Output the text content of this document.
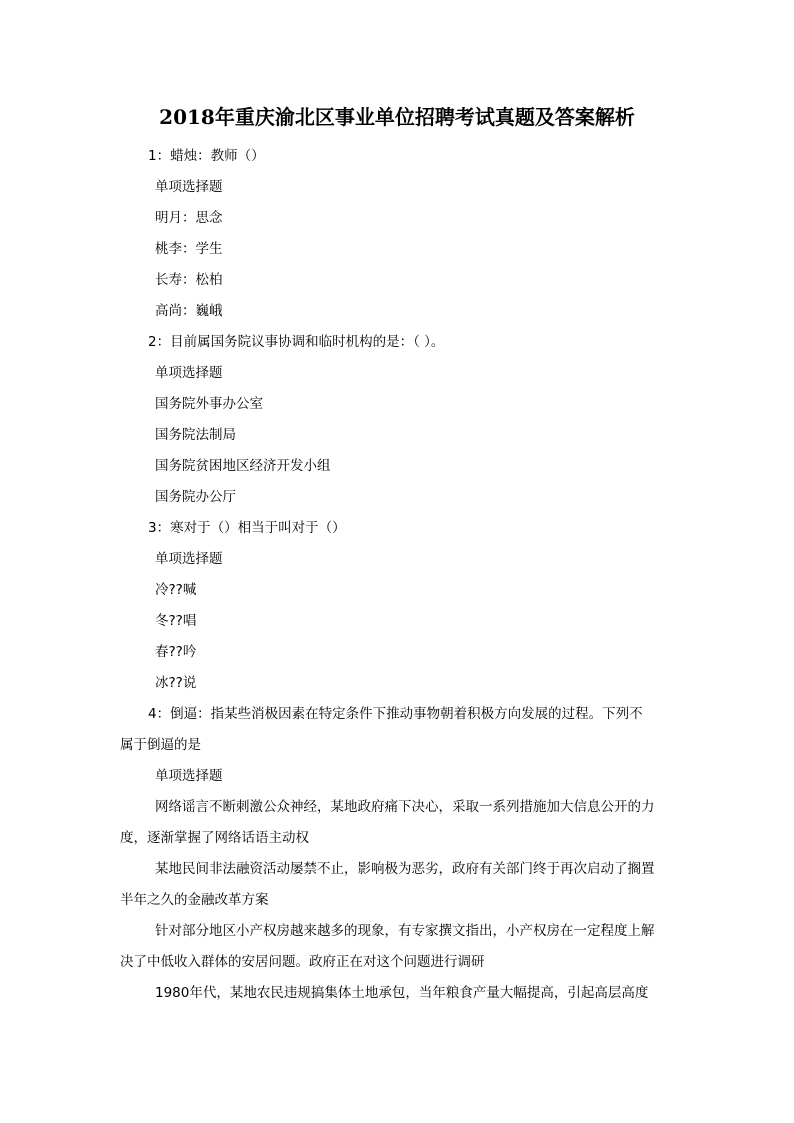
2018年重庆渝北区事业单位招聘考试真题及答案解析
1：蜡烛：教师（）
单项选择题
明月：思念
桃李：学生
长寿：松柏
高尚：巍峨
2：目前属国务院议事协调和临时机构的是：（ ）。
单项选择题
国务院外事办公室
国务院法制局
国务院贫困地区经济开发小组
国务院办公厅
3：寒对于（）相当于叫对于（）
单项选择题
冷??喊
冬??唱
春??吟
冰??说
4：倒逼：指某些消极因素在特定条件下推动事物朝着积极方向发展的过程。下列不
属于倒逼的是
单项选择题
网络谣言不断刺激公众神经，某地政府痛下决心，采取一系列措施加大信息公开的力
度，逐渐掌握了网络话语主动权
某地民间非法融资活动屡禁不止，影响极为恶劣，政府有关部门终于再次启动了搁置
半年之久的金融改革方案
针对部分地区小产权房越来越多的现象，有专家撰文指出，小产权房在一定程度上解
决了中低收入群体的安居问题。政府正在对这个问题进行调研
1980年代，某地农民违规搞集体土地承包，当年粮食产量大幅提高，引起高层高度
